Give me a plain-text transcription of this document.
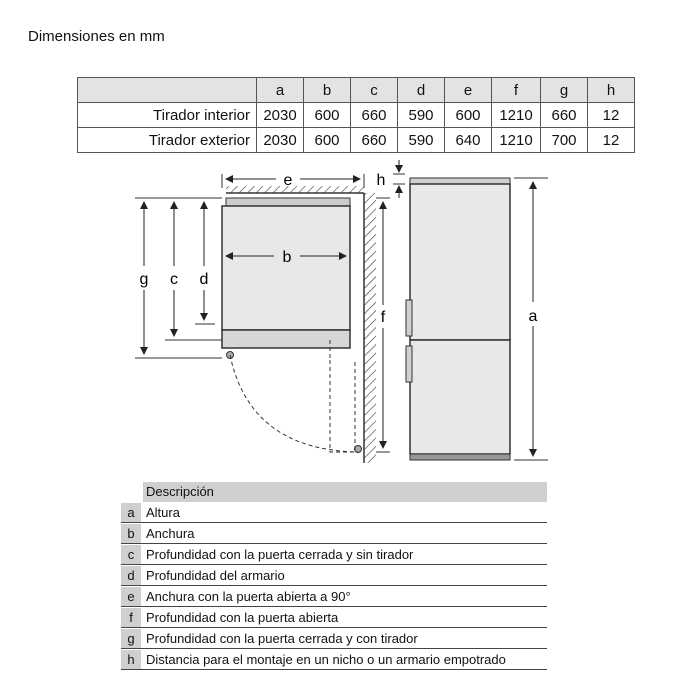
Dimensiones en mm
	a	b	c	d	e	f	g	h
Tirador interior	2030	600	660	590	600	1210	660	12
Tirador exterior	2030	600	660	590	640	1210	700	12
e
b
g c d
f
h
a
Descripción
a Altura
b Anchura
c Profundidad con la puerta cerrada y sin tirador
d Profundidad del armario
e Anchura con la puerta abierta a 90°
f	Profundidad con la puerta abierta
g Profundidad con la puerta cerrada y con tirador
h Distancia para el montaje en un nicho o un armario empotrado
